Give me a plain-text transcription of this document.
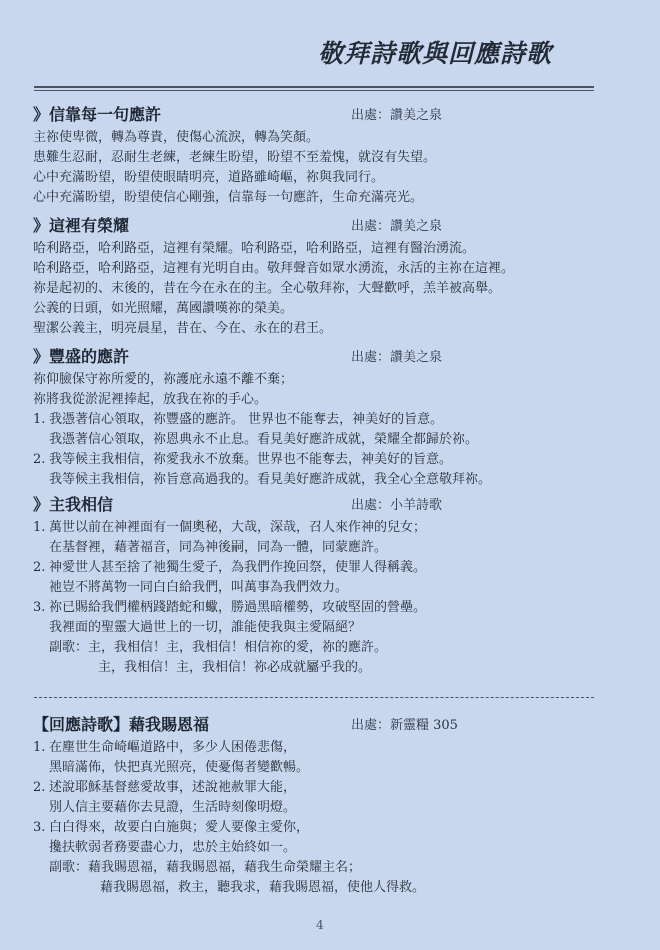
敬拜詩歌與回應詩歌
》信靠每一句應許	出處：讚美之泉
主祢使卑微，轉為尊貴，使傷心流淚，轉為笑顏。
患難生忍耐，忍耐生老練，老練生盼望，盼望不至羞愧，就沒有失望。
心中充滿盼望，盼望使眼睛明亮，道路雖崎嶇，祢與我同行。
心中充滿盼望，盼望使信心剛強，信靠每一句應許，生命充滿亮光。
》這裡有榮耀	出處：讚美之泉
哈利路亞，哈利路亞，這裡有榮耀。哈利路亞，哈利路亞，這裡有醫治湧流。
哈利路亞，哈利路亞，這裡有光明自由。敬拜聲音如眾水湧流，永活的主祢在這裡。
祢是起初的、末後的，昔在今在永在的主。全心敬拜祢，大聲歡呼，羔羊被高舉。
公義的日頭，如光照耀，萬國讚嘆祢的榮美。
聖潔公義主，明亮晨星，昔在、今在、永在的君王。
》豐盛的應許	出處：讚美之泉
祢仰臉保守祢所愛的，祢護庇永遠不離不棄；
祢將我從淤泥裡捧起，放我在祢的手心。
1. 我憑著信心領取，祢豐盛的應許。 世界也不能奪去，神美好的旨意。
我憑著信心領取，祢恩典永不止息。看見美好應許成就，榮耀全都歸於祢。
2. 我等候主我相信，祢愛我永不放棄。世界也不能奪去，神美好的旨意。
我等候主我相信，祢旨意高過我的。看見美好應許成就，我全心全意敬拜祢。
》主我相信	出處：小羊詩歌
1. 萬世以前在神裡面有一個奧秘，大哉，深哉，召人來作神的兒女；
在基督裡，藉著福音，同為神後嗣，同為一體，同蒙應許。
2. 神愛世人甚至捨了祂獨生愛子，為我們作挽回祭，使罪人得稱義。
祂豈不將萬物一同白白給我們，叫萬事為我們效力。
3. 祢已賜給我們權柄踐踏蛇和蠍，勝過黑暗權勢，攻破堅固的營壘。
我裡面的聖靈大過世上的一切，誰能使我與主愛隔絕？
副歌：主，我相信！主，我相信！相信祢的愛，祢的應許。
主，我相信！主，我相信！祢必成就屬乎我的。
【回應詩歌】藉我賜恩福	出處：新靈糧 305
1. 在塵世生命崎嶇道路中，多少人困倦悲傷，
黑暗滿佈，快把真光照亮，使憂傷者變歡暢。
2. 述說耶穌基督慈愛故事，述說祂赦罪大能，
別人信主要藉你去見證，生活時刻像明燈。
3. 白白得來，故要白白施與；愛人要像主愛你，
攙扶軟弱者務要盡心力，忠於主始終如一。
副歌：藉我賜恩福，藉我賜恩福，藉我生命榮耀主名；
藉我賜恩福，救主，聽我求，藉我賜恩福，使他人得救。
4
